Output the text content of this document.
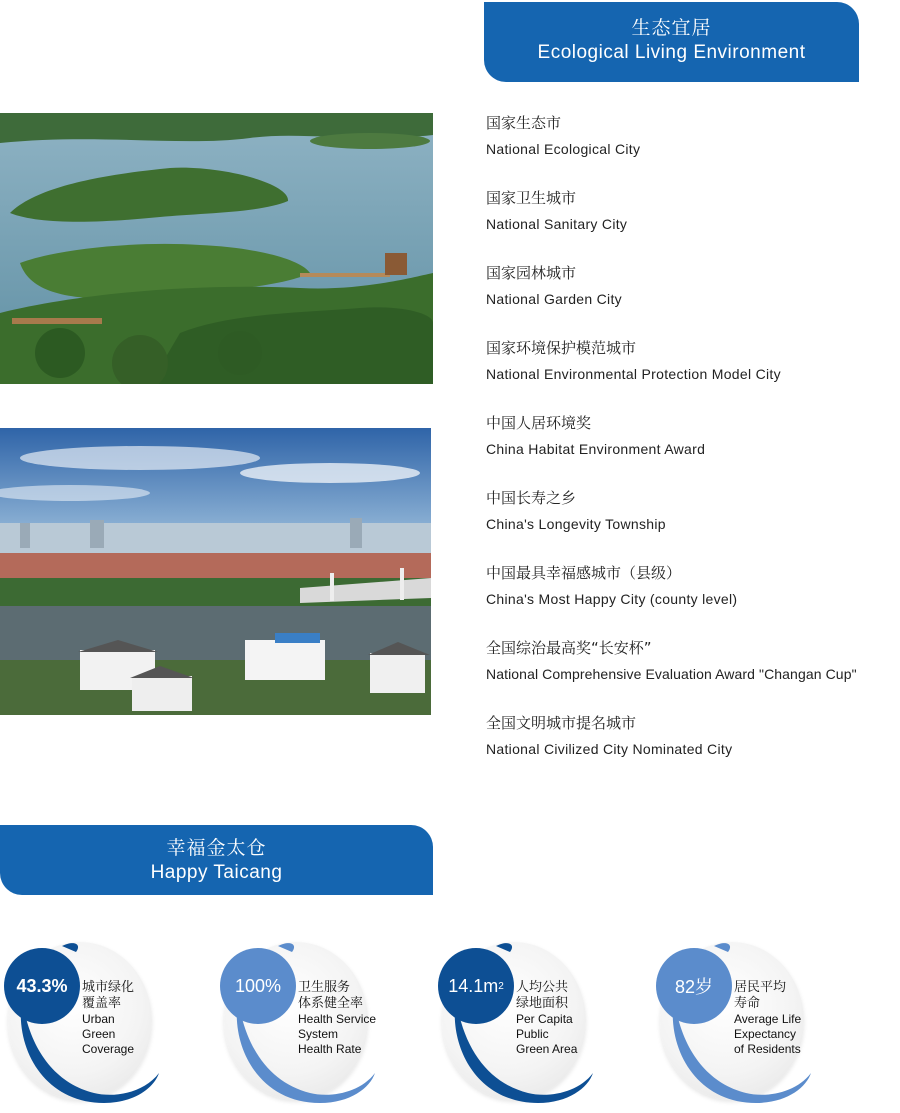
生态宜居
Ecological Living Environment
国家生态市
National Ecological City
国家卫生城市
National Sanitary City
国家园林城市
National Garden City
国家环境保护模范城市
National Environmental Protection Model City
中国人居环境奖
China Habitat Environment Award
中国长寿之乡
China's Longevity Township
中国最具幸福感城市（县级）
China's Most Happy City (county level)
全国综治最高奖“长安杯”
National Comprehensive Evaluation Award "Changan Cup"
全国文明城市提名城市
National Civilized City Nominated City
幸福金太仓
Happy Taicang
43.3%	城市绿化
覆盖率
Urban
Green
Coverage
100%	卫生服务
体系健全率
Health Service
System
Health Rate
14.1m 2 人均公共
绿地面积
Per Capita
Public
Green Area
82岁	居民平均
寿命
Average Life
Expectancy
of Residents
